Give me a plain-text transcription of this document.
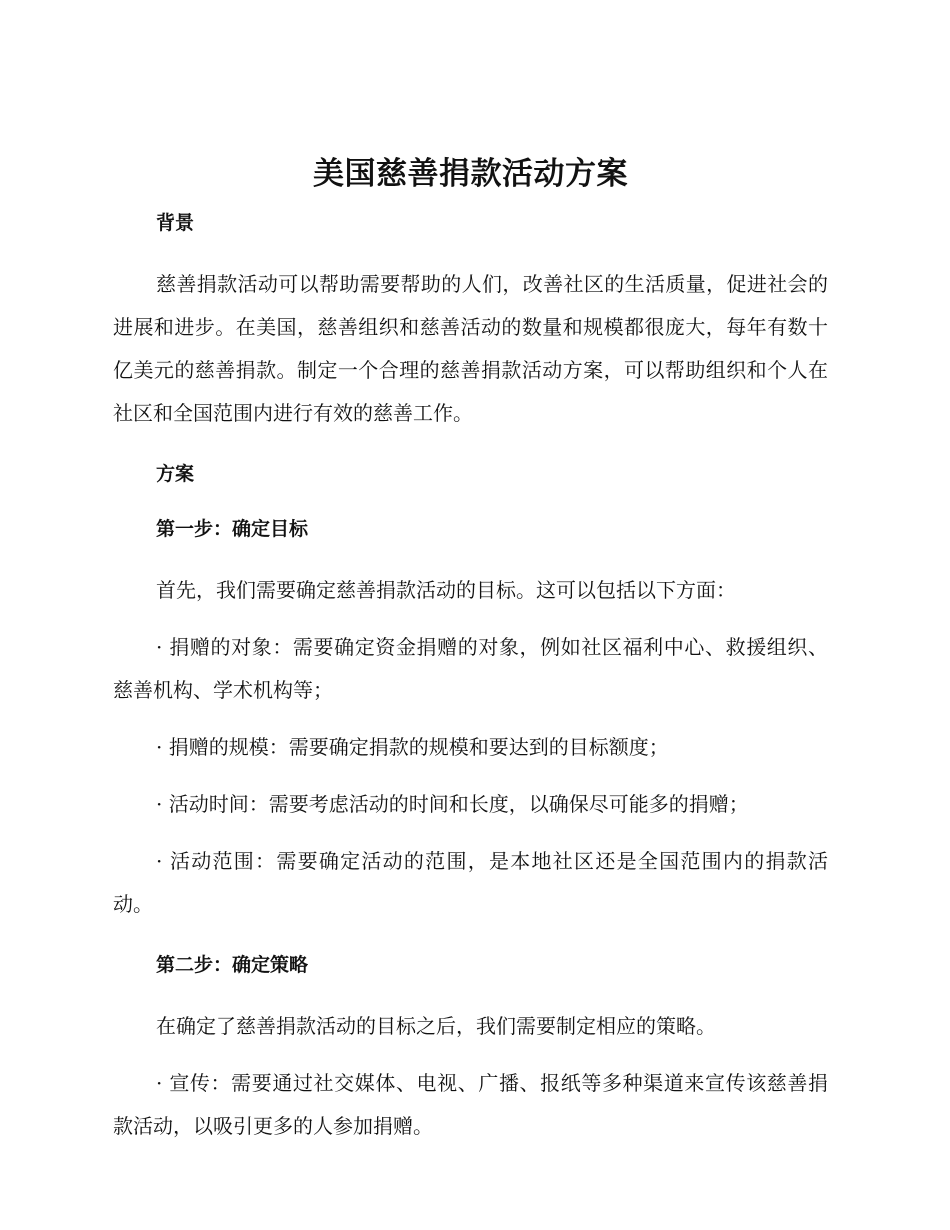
美国慈善捐款活动方案
背景

慈善捐款活动可以帮助需要帮助的人们，改善社区的生活质量，促进社会的进展和进步。在美国，慈善组织和慈善活动的数量和规模都很庞大，每年有数十亿美元的慈善捐款。制定一个合理的慈善捐款活动方案，可以帮助组织和个人在社区和全国范围内进行有效的慈善工作。

方案
第一步：确定目标

首先，我们需要确定慈善捐款活动的目标。这可以包括以下方面：

· 捐赠的对象：需要确定资金捐赠的对象，例如社区福利中心、救援组织、慈善机构、学术机构等；

· 捐赠的规模：需要确定捐款的规模和要达到的目标额度；

· 活动时间：需要考虑活动的时间和长度，以确保尽可能多的捐赠；

· 活动范围：需要确定活动的范围，是本地社区还是全国范围内的捐款活动。

第二步：确定策略

在确定了慈善捐款活动的目标之后，我们需要制定相应的策略。

· 宣传：需要通过社交媒体、电视、广播、报纸等多种渠道来宣传该慈善捐款活动，以吸引更多的人参加捐赠。
